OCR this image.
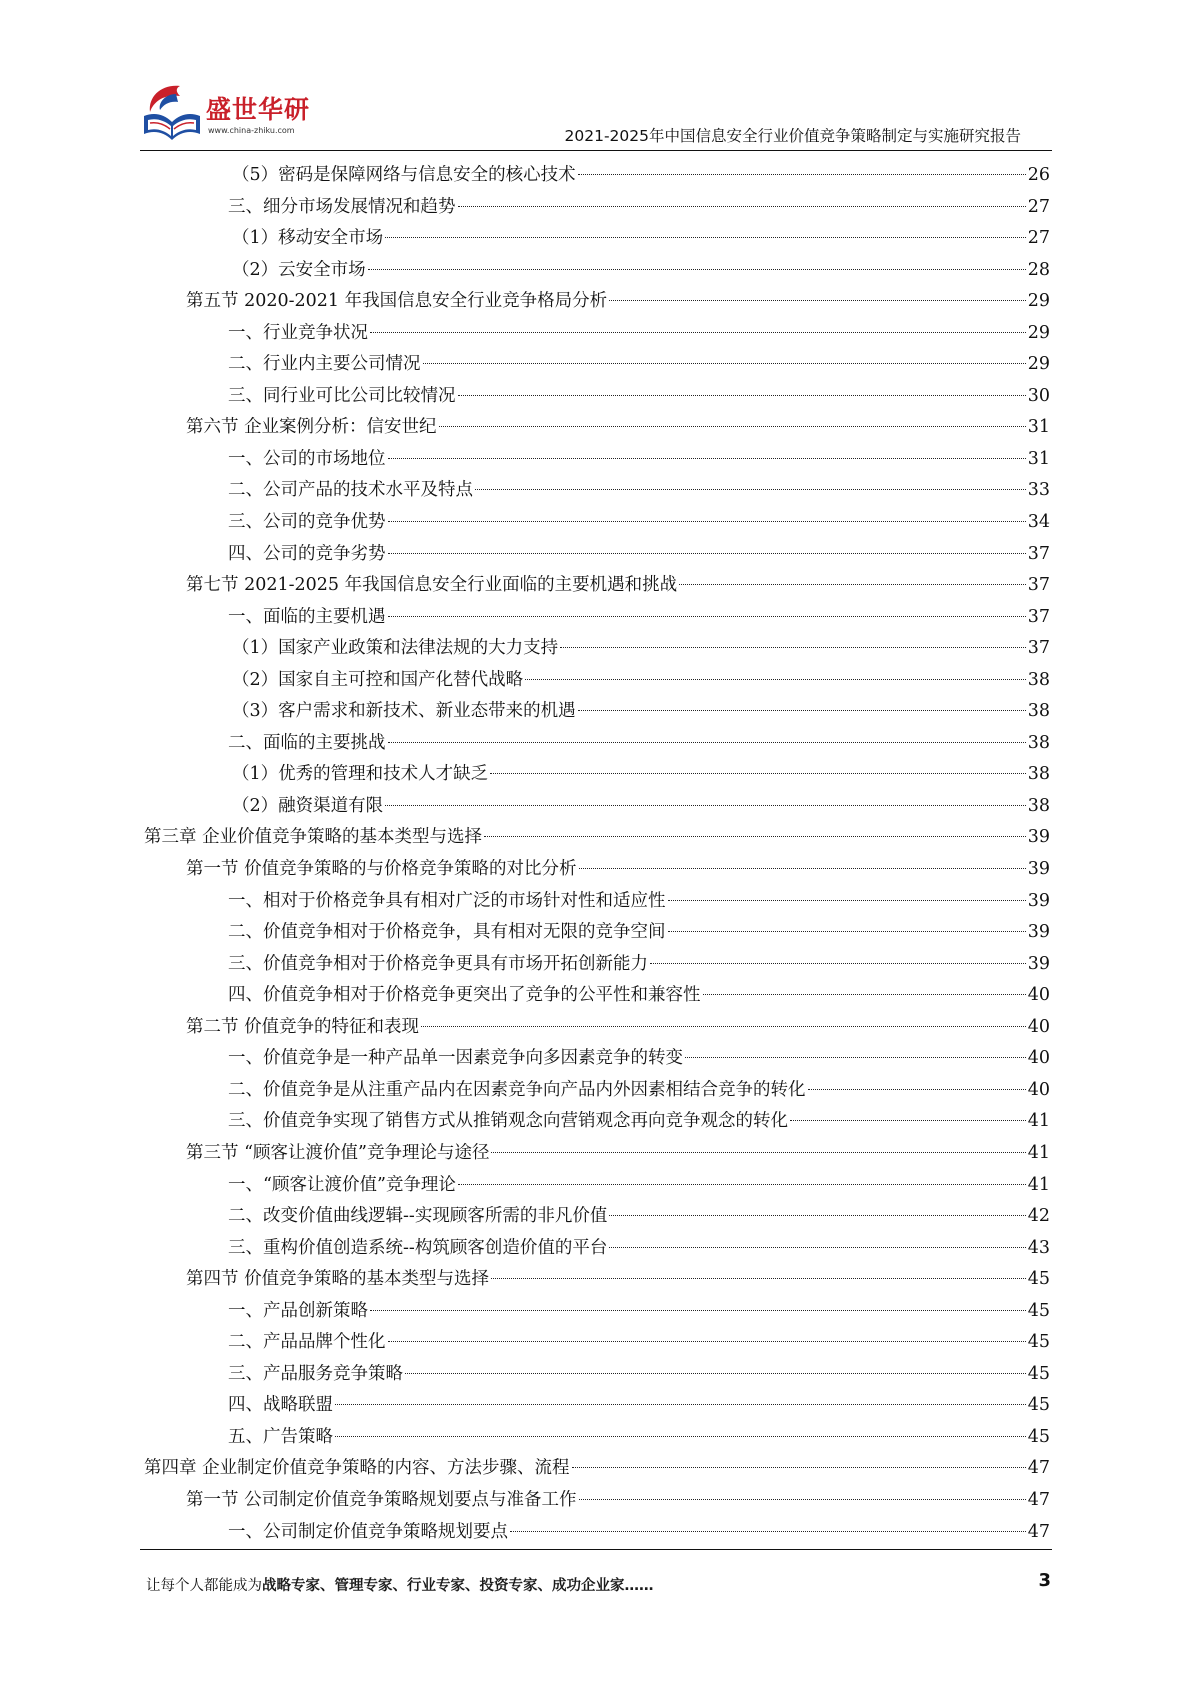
盛世华研
www.china-zhiku.com	2021-2025年中国信息安全行业价值竞争策略制定与实施研究报告
（5）密码是保障网络与信息安全的核心技术	26
三、细分市场发展情况和趋势	27
（1）移动安全市场	27
（2）云安全市场	28
第五节 2020-2021 年我国信息安全行业竞争格局分析	29
一、行业竞争状况	29
二、行业内主要公司情况	29
三、同行业可比公司比较情况	30
第六节 企业案例分析：信安世纪	31
一、公司的市场地位	31
二、公司产品的技术水平及特点	33
三、公司的竞争优势	34
四、公司的竞争劣势	37
第七节 2021-2025 年我国信息安全行业面临的主要机遇和挑战	37
一、面临的主要机遇	37
（1）国家产业政策和法律法规的大力支持	37
（2）国家自主可控和国产化替代战略	38
（3）客户需求和新技术、新业态带来的机遇	38
二、面临的主要挑战	38
（1）优秀的管理和技术人才缺乏	38
（2）融资渠道有限	38
第三章 企业价值竞争策略的基本类型与选择	39
第一节 价值竞争策略的与价格竞争策略的对比分析	39
一、相对于价格竞争具有相对广泛的市场针对性和适应性	39
二、价值竞争相对于价格竞争，具有相对无限的竞争空间	39
三、价值竞争相对于价格竞争更具有市场开拓创新能力	39
四、价值竞争相对于价格竞争更突出了竞争的公平性和兼容性	40
第二节 价值竞争的特征和表现	40
一、价值竞争是一种产品单一因素竞争向多因素竞争的转变	40
二、价值竞争是从注重产品内在因素竞争向产品内外因素相结合竞争的转化	40
三、价值竞争实现了销售方式从推销观念向营销观念再向竞争观念的转化	41
第三节 “顾客让渡价值”竞争理论与途径	41
一、“顾客让渡价值”竞争理论	41
二、改变价值曲线逻辑--实现顾客所需的非凡价值	42
三、重构价值创造系统--构筑顾客创造价值的平台	43
第四节 价值竞争策略的基本类型与选择	45
一、产品创新策略	45
二、产品品牌个性化	45
三、产品服务竞争策略	45
四、战略联盟	45
五、广告策略	45
第四章 企业制定价值竞争策略的内容、方法步骤、流程	47
第一节 公司制定价值竞争策略规划要点与准备工作	47
一、公司制定价值竞争策略规划要点	47
让每个人都能成为战略专家、管理专家、行业专家、投资专家、成功企业家……	3
